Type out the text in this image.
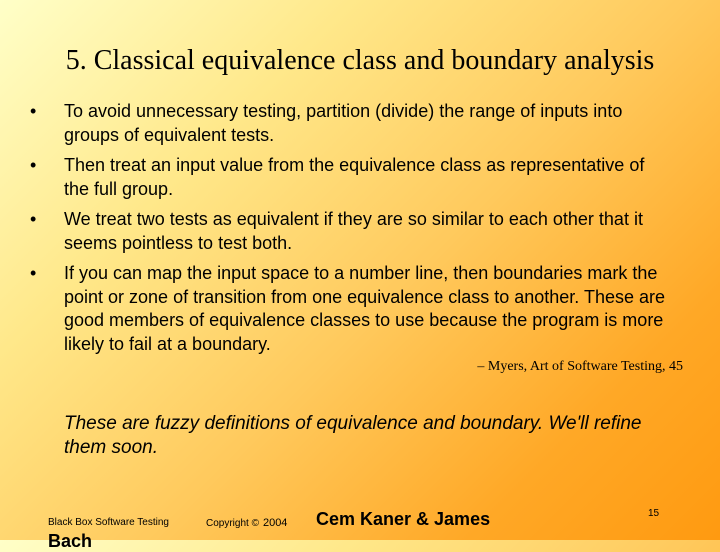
5. Classical equivalence class and boundary analysis
•	To avoid unnecessary testing, partition (divide) the range of inputs into groups of equivalent tests.
•	Then treat an input value from the equivalence class as representative of the full group.
•	We treat two tests as equivalent if they are so similar to each other that it seems pointless to test both.
•	If you can map the input space to a number line, then boundaries mark the point or zone of transition from one equivalence class to another. These are good members of equivalence classes to use because the program is more likely to fail at a boundary.
– Myers, Art of Software Testing, 45
These are fuzzy definitions of equivalence and boundary. We'll refine them soon.
Black Box Software Testing	Copyright © 2004 Cem Kaner & James
Bach
15
